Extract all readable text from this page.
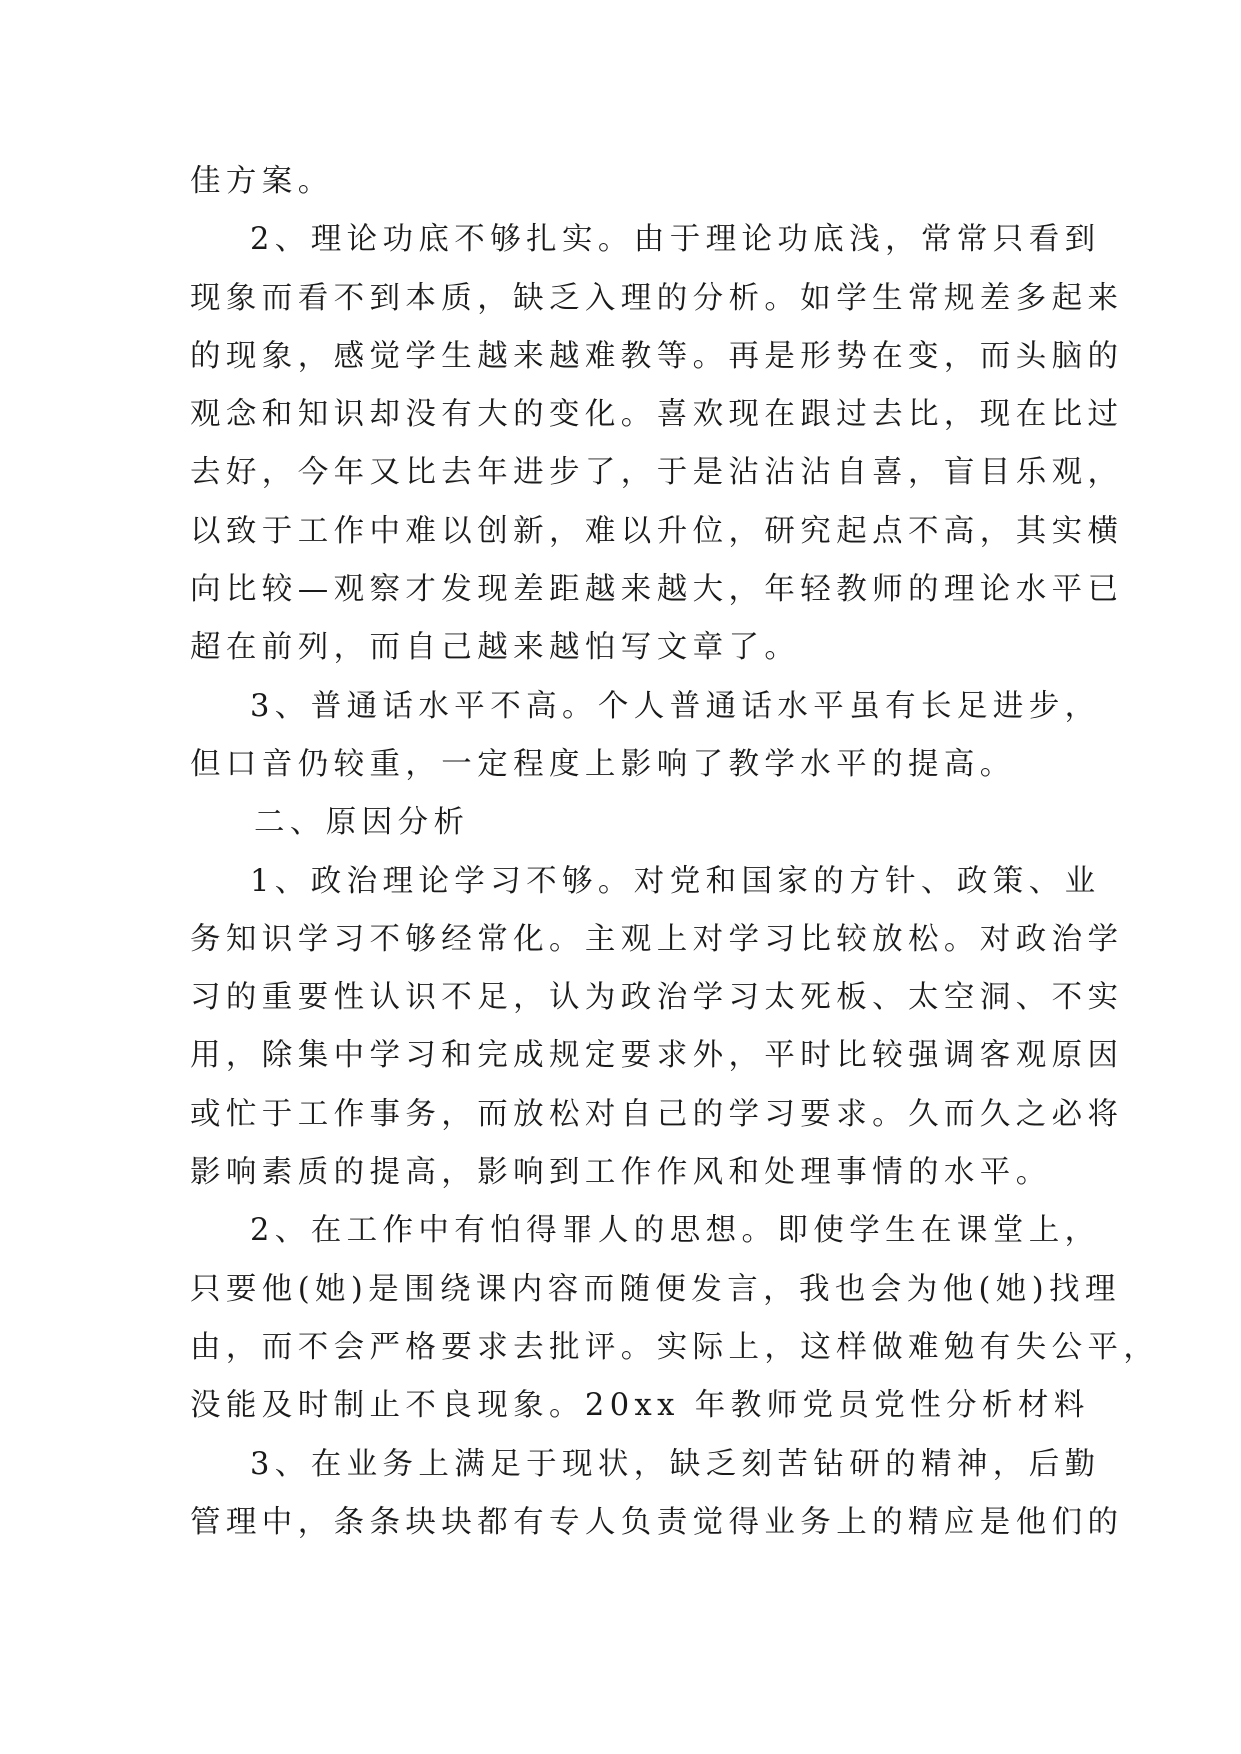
佳方案。
2、理论功底不够扎实。由于理论功底浅，常常只看到
现象而看不到本质，缺乏入理的分析。如学生常规差多起来
的现象，感觉学生越来越难教等。再是形势在变，而头脑的
观念和知识却没有大的变化。喜欢现在跟过去比，现在比过
去好，今年又比去年进步了，于是沾沾沾自喜，盲目乐观，
以致于工作中难以创新，难以升位，研究起点不高，其实横
向比较—观察才发现差距越来越大，年轻教师的理论水平已
超在前列，而自己越来越怕写文章了。
3、普通话水平不高。个人普通话水平虽有长足进步，
但口音仍较重，一定程度上影响了教学水平的提高。
二、原因分析
1、政治理论学习不够。对党和国家的方针、政策、业
务知识学习不够经常化。主观上对学习比较放松。对政治学
习的重要性认识不足，认为政治学习太死板、太空洞、不实
用，除集中学习和完成规定要求外，平时比较强调客观原因
或忙于工作事务，而放松对自己的学习要求。久而久之必将
影响素质的提高，影响到工作作风和处理事情的水平。
2、在工作中有怕得罪人的思想。即使学生在课堂上，
只要他(她)是围绕课内容而随便发言，我也会为他(她)找理
由，而不会严格要求去批评。实际上，这样做难勉有失公平，
没能及时制止不良现象。20xx 年教师党员党性分析材料
3、在业务上满足于现状，缺乏刻苦钻研的精神，后勤
管理中，条条块块都有专人负责觉得业务上的精应是他们的
